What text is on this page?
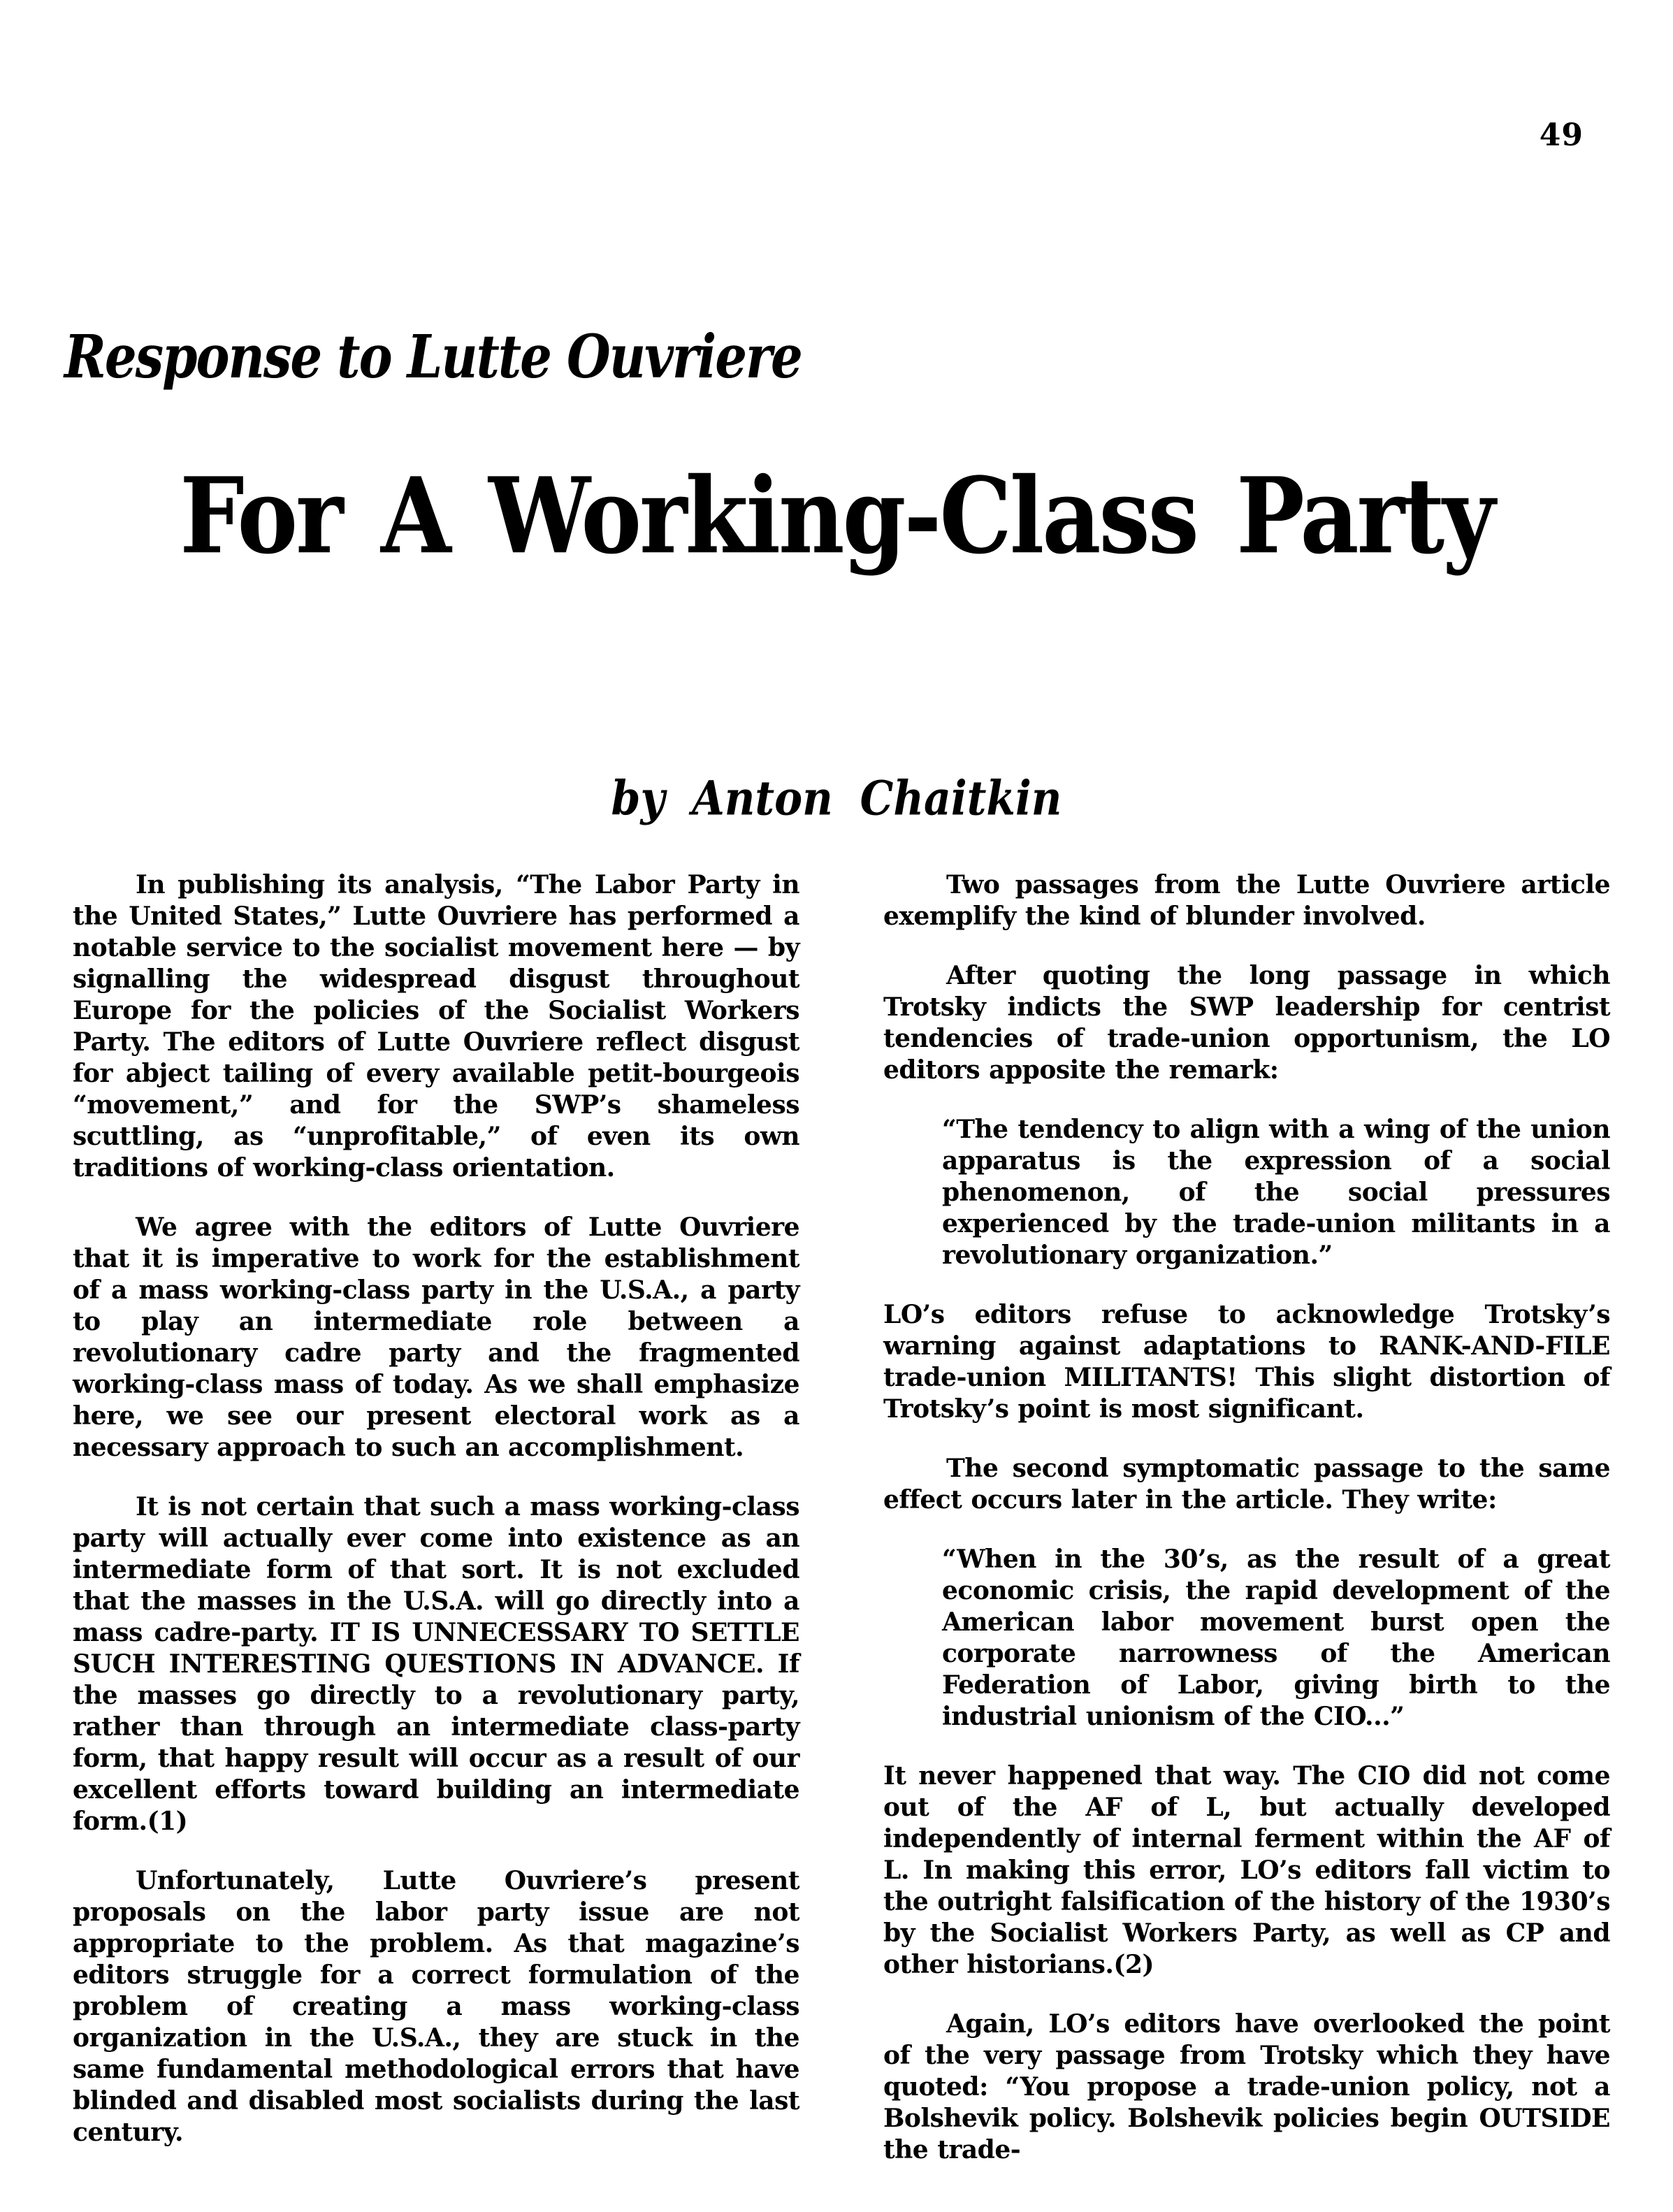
49
Response to Lutte Ouvriere
For A Working-Class Party
by Anton Chaitkin

In publishing its analysis, “The Labor Party in the United States,” Lutte Ouvriere has performed a notable service to the socialist movement here — by signalling the widespread disgust throughout Europe for the policies of the Socialist Workers Party. The editors of Lutte Ouvriere reflect disgust for abject tailing of every available petit-bourgeois “movement,” and for the SWP’s shameless scuttling, as “unprofitable,” of even its own traditions of working-class orientation.

We agree with the editors of Lutte Ouvriere that it is imperative to work for the establishment of a mass working-class party in the U.S.A., a party to play an intermediate role between a revolutionary cadre party and the fragmented working-class mass of today. As we shall emphasize here, we see our present electoral work as a necessary approach to such an accomplishment.

It is not certain that such a mass working-class party will actually ever come into existence as an intermediate form of that sort. It is not excluded that the masses in the U.S.A. will go directly into a mass cadre-party. IT IS UNNECESSARY TO SETTLE SUCH INTERESTING QUESTIONS IN ADVANCE. If the masses go directly to a revolutionary party, rather than through an intermediate class-party form, that happy result will occur as a result of our excellent efforts toward building an intermediate form.(1)

Unfortunately, Lutte Ouvriere’s present proposals on the labor party issue are not appropriate to the problem. As that magazine’s editors struggle for a correct formulation of the problem of creating a mass working-class organization in the U.S.A., they are stuck in the same fundamental methodological errors that have blinded and disabled most socialists during the last century.

Two passages from the Lutte Ouvriere article exemplify the kind of blunder involved.

After quoting the long passage in which Trotsky indicts the SWP leadership for centrist tendencies of trade-union opportunism, the LO editors apposite the remark:

“The tendency to align with a wing of the union apparatus is the expression of a social phenomenon, of the social pressures experienced by the trade-union militants in a revolutionary organization.”

LO’s editors refuse to acknowledge Trotsky’s warning against adaptations to RANK-AND-FILE trade-union MILITANTS! This slight distortion of Trotsky’s point is most significant.

The second symptomatic passage to the same effect occurs later in the article. They write:

“When in the 30’s, as the result of a great economic crisis, the rapid development of the American labor movement burst open the corporate narrowness of the American Federation of Labor, giving birth to the industrial unionism of the CIO...”

It never happened that way. The CIO did not come out of the AF of L, but actually developed independently of internal ferment within the AF of L. In making this error, LO’s editors fall victim to the outright falsification of the history of the 1930’s by the Socialist Workers Party, as well as CP and other historians.(2)

Again, LO’s editors have overlooked the point of the very passage from Trotsky which they have quoted: “You propose a trade-union policy, not a Bolshevik policy. Bolshevik policies begin OUTSIDE the trade-
